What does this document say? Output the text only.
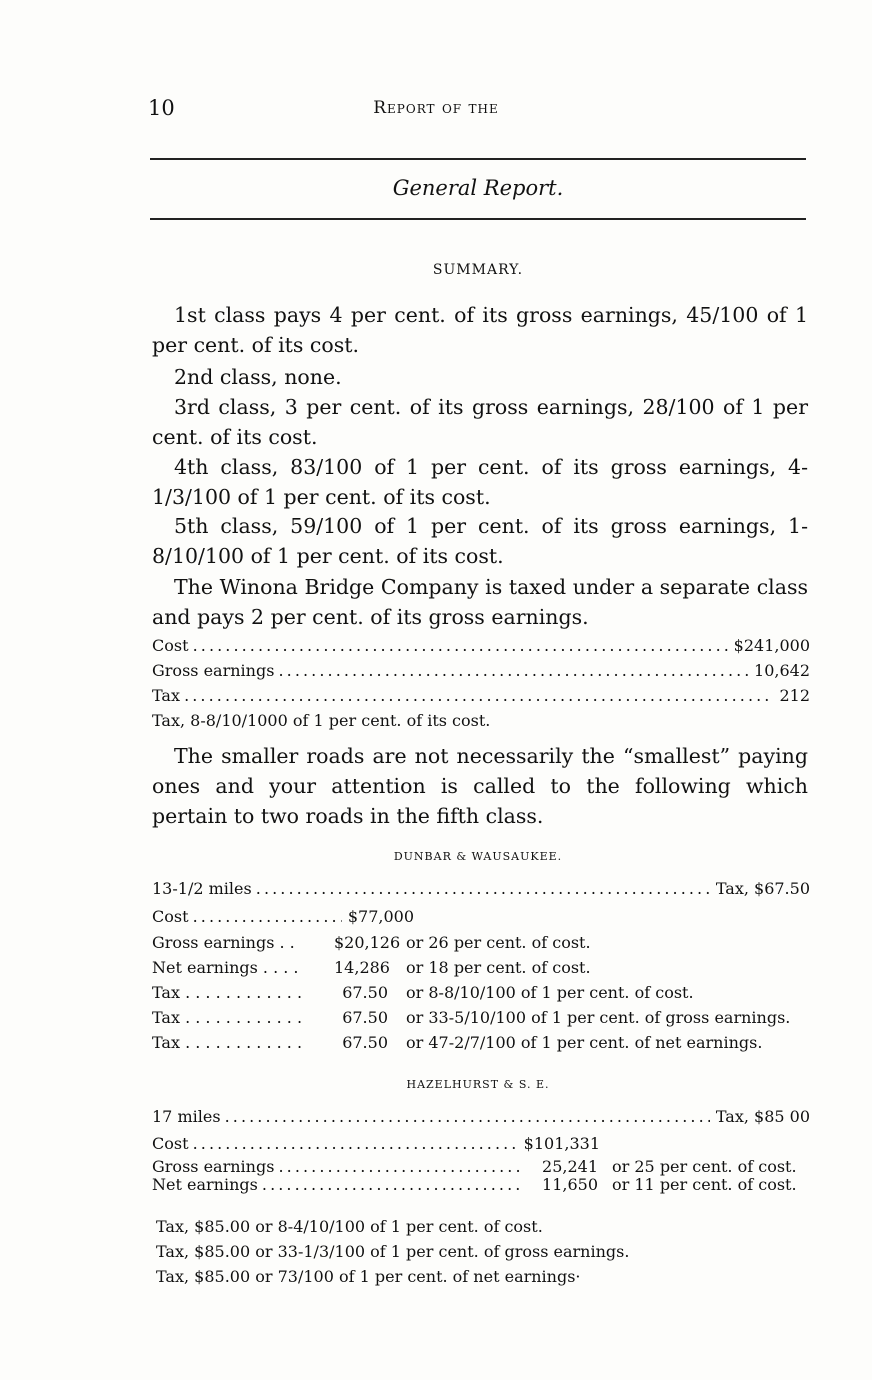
10	Report of the
General Report.
SUMMARY.
1st class pays 4 per cent. of its gross earnings, 45/100 of 1 per cent. of its cost.
2nd class, none.
3rd class, 3 per cent. of its gross earnings, 28/100 of 1 per cent. of its cost.
4th class, 83/100 of 1 per cent. of its gross earnings, 4-1/3/100 of 1 per cent. of its cost.
5th class, 59/100 of 1 per cent. of its gross earnings, 1-8/10/100 of 1 per cent. of its cost.
The Winona Bridge Company is taxed under a separate class and pays 2 per cent. of its gross earnings.
Cost . . .	$241,000
Gross earnings . . .	10,642
Tax . . .	212
Tax, 8-8/10/1000 of 1 per cent. of its cost.
The smaller roads are not necessarily the “smallest” paying ones and your attention is called to the following which pertain to two roads in the fifth class.
DUNBAR & WAUSAUKEE.
13-1/2 miles . . .	Tax, $67.50
Cost . . .	$77,000
Gross earnings . .	$20,126 or 26 per cent. of cost.
Net earnings . . . .	14,286	or 18 per cent. of cost.
Tax . . . . . . . . . . . .	67.50	or 8-8/10/100 of 1 per cent. of cost.
Tax . . . . . . . . . . . .	67.50	or 33-5/10/100 of 1 per cent. of gross earnings.
Tax . . . . . . . . . . . .	67.50	or 47-2/7/100 of 1 per cent. of net earnings.
HAZELHURST & S. E.
17 miles . . .	Tax, $85 00
Cost . . .	$101,331
Gross earnings . . .	25,241 or 25 per cent. of cost.
Net earnings . . .	11,650 or 11 per cent. of cost.
Tax, $85.00 or 8-4/10/100 of 1 per cent. of cost.
Tax, $85.00 or 33-1/3/100 of 1 per cent. of gross earnings.
Tax, $85.00 or 73/100 of 1 per cent. of net earnings·
